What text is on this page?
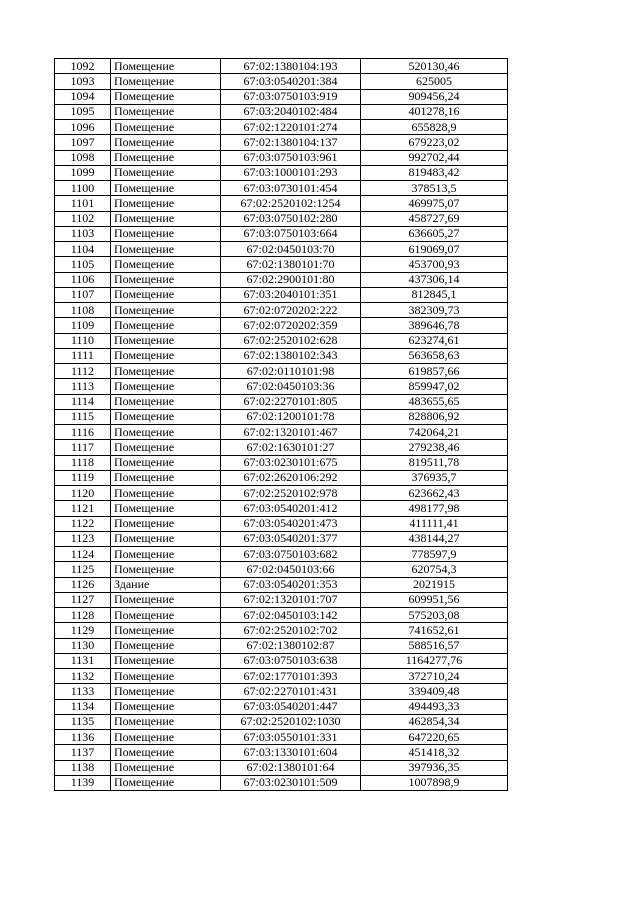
1092	Помещение	67:02:1380104:193	520130,46
1093	Помещение	67:03:0540201:384	625005
1094	Помещение	67:03:0750103:919	909456,24
1095	Помещение	67:03:2040102:484	401278,16
1096	Помещение	67:02:1220101:274	655828,9
1097	Помещение	67:02:1380104:137	679223,02
1098	Помещение	67:03:0750103:961	992702,44
1099	Помещение	67:03:1000101:293	819483,42
1100	Помещение	67:03:0730101:454	378513,5
1101	Помещение	67:02:2520102:1254	469975,07
1102	Помещение	67:03:0750102:280	458727,69
1103	Помещение	67:03:0750103:664	636605,27
1104	Помещение	67:02:0450103:70	619069,07
1105	Помещение	67:02:1380101:70	453700,93
1106	Помещение	67:02:2900101:80	437306,14
1107	Помещение	67:03:2040101:351	812845,1
1108	Помещение	67:02:0720202:222	382309,73
1109	Помещение	67:02:0720202:359	389646,78
1110	Помещение	67:02:2520102:628	623274,61
1111	Помещение	67:02:1380102:343	563658,63
1112	Помещение	67:02:0110101:98	619857,66
1113	Помещение	67:02:0450103:36	859947,02
1114	Помещение	67:02:2270101:805	483655,65
1115	Помещение	67:02:1200101:78	828806,92
1116	Помещение	67:02:1320101:467	742064,21
1117	Помещение	67:02:1630101:27	279238,46
1118	Помещение	67:03:0230101:675	819511,78
1119	Помещение	67:02:2620106:292	376935,7
1120	Помещение	67:02:2520102:978	623662,43
1121	Помещение	67:03:0540201:412	498177,98
1122	Помещение	67:03:0540201:473	411111,41
1123	Помещение	67:03:0540201:377	438144,27
1124	Помещение	67:03:0750103:682	778597,9
1125	Помещение	67:02:0450103:66	620754,3
1126	Здание	67:03:0540201:353	2021915
1127	Помещение	67:02:1320101:707	609951,56
1128	Помещение	67:02:0450103:142	575203,08
1129	Помещение	67:02:2520102:702	741652,61
1130	Помещение	67:02:1380102:87	588516,57
1131	Помещение	67:03:0750103:638	1164277,76
1132	Помещение	67:02:1770101:393	372710,24
1133	Помещение	67:02:2270101:431	339409,48
1134	Помещение	67:03:0540201:447	494493,33
1135	Помещение	67:02:2520102:1030	462854,34
1136	Помещение	67:03:0550101:331	647220,65
1137	Помещение	67:03:1330101:604	451418,32
1138	Помещение	67:02:1380101:64	397936,35
1139	Помещение	67:03:0230101:509	1007898,9
